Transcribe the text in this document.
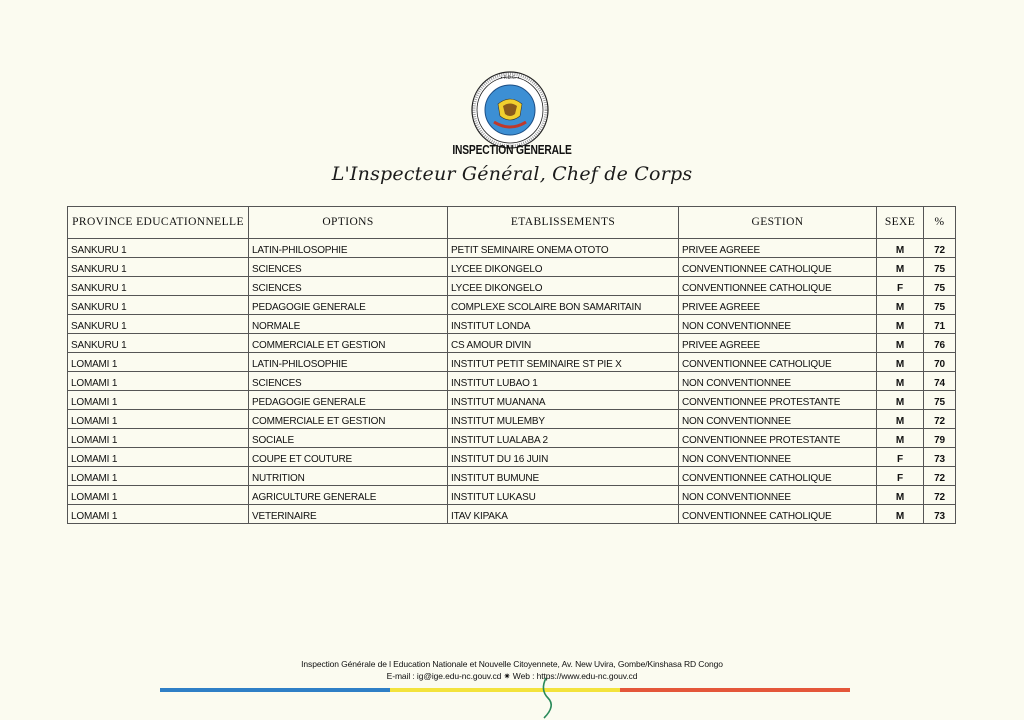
• R.D.C. •
INSPECTION GENERALE
L'Inspecteur Général, Chef de Corps
PROVINCE EDUCATIONNELLE	OPTIONS	ETABLISSEMENTS	GESTION	SEXE	%
SANKURU 1	LATIN-PHILOSOPHIE	PETIT SEMINAIRE ONEMA OTOTO	PRIVEE AGREEE	M	72
SANKURU 1	SCIENCES	LYCEE DIKONGELO	CONVENTIONNEE CATHOLIQUE	M	75
SANKURU 1	SCIENCES	LYCEE DIKONGELO	CONVENTIONNEE CATHOLIQUE	F	75
SANKURU 1	PEDAGOGIE GENERALE	COMPLEXE SCOLAIRE BON SAMARITAIN	PRIVEE AGREEE	M	75
SANKURU 1	NORMALE	INSTITUT LONDA	NON CONVENTIONNEE	M	71
SANKURU 1	COMMERCIALE ET GESTION	CS AMOUR DIVIN	PRIVEE AGREEE	M	76
LOMAMI 1	LATIN-PHILOSOPHIE	INSTITUT PETIT SEMINAIRE ST PIE X	CONVENTIONNEE CATHOLIQUE	M	70
LOMAMI 1	SCIENCES	INSTITUT LUBAO 1	NON CONVENTIONNEE	M	74
LOMAMI 1	PEDAGOGIE GENERALE	INSTITUT MUANANA	CONVENTIONNEE PROTESTANTE	M	75
LOMAMI 1	COMMERCIALE ET GESTION	INSTITUT MULEMBY	NON CONVENTIONNEE	M	72
LOMAMI 1	SOCIALE	INSTITUT LUALABA 2	CONVENTIONNEE PROTESTANTE	M	79
LOMAMI 1	COUPE ET COUTURE	INSTITUT DU 16 JUIN	NON CONVENTIONNEE	F	73
LOMAMI 1	NUTRITION	INSTITUT BUMUNE	CONVENTIONNEE CATHOLIQUE	F	72
LOMAMI 1	AGRICULTURE GENERALE	INSTITUT LUKASU	NON CONVENTIONNEE	M	72
LOMAMI 1	VETERINAIRE	ITAV KIPAKA	CONVENTIONNEE CATHOLIQUE	M	73
Inspection Générale de l Education Nationale et Nouvelle Citoyennete, Av. New Uvira, Gombe/Kinshasa RD Congo
E-mail : ig@ige.edu-nc.gouv.cd ✷ Web : https://www.edu-nc.gouv.cd
